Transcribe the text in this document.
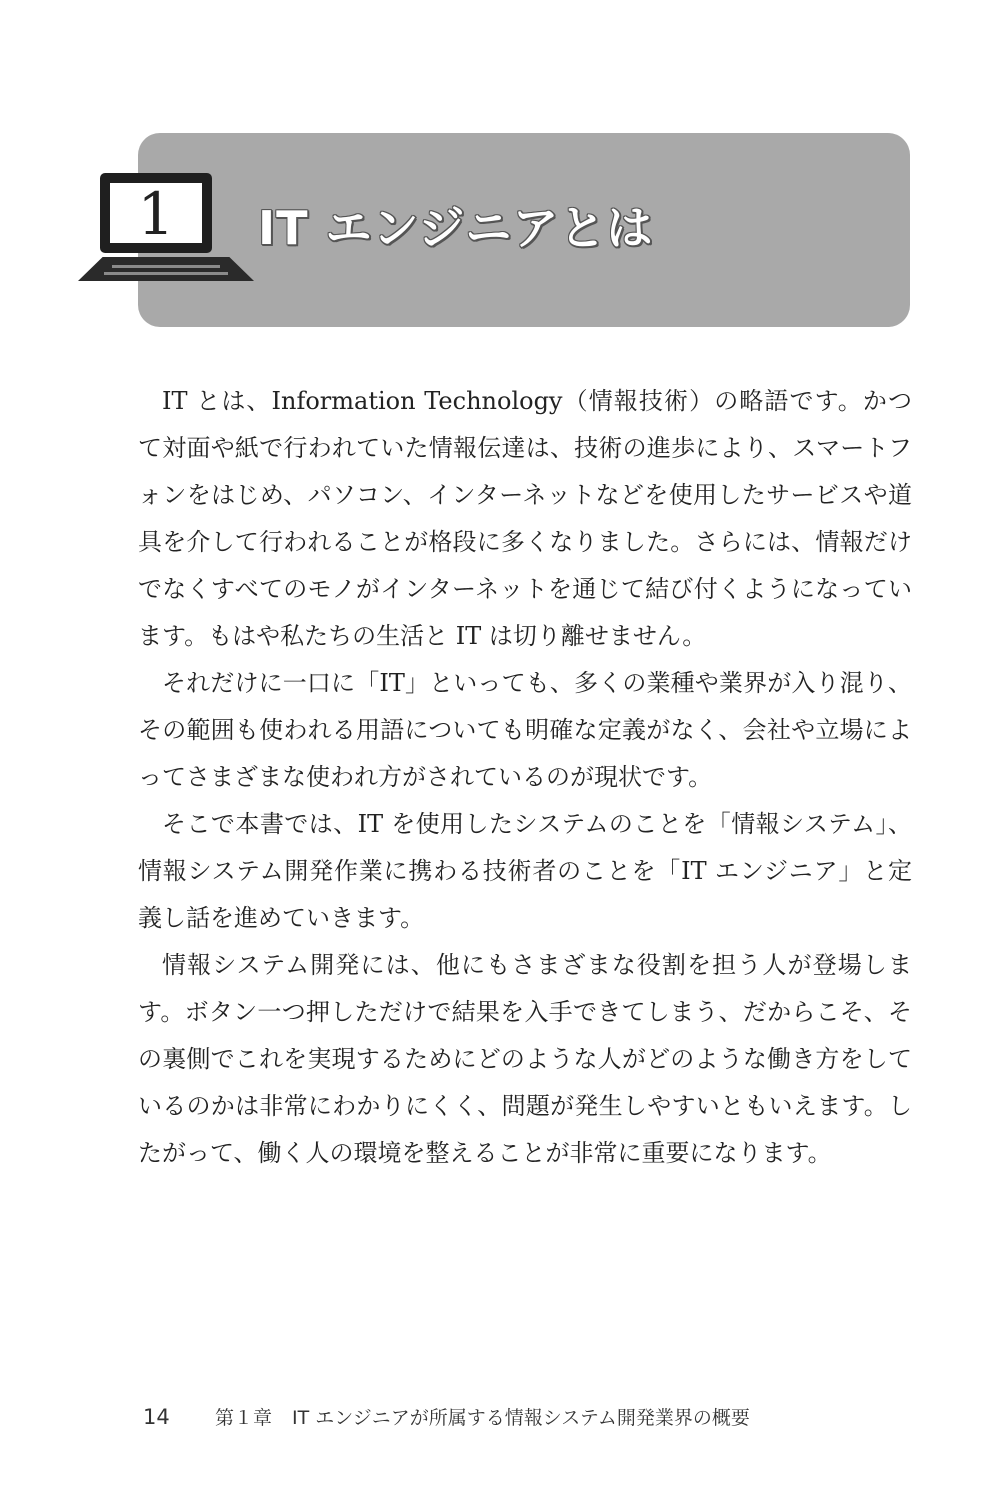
1 IT エンジニアとは

IT とは、Information Technology（情報技術）の略語です。かつて対面や紙で行われていた情報伝達は、技術の進歩により、スマートフォンをはじめ、パソコン、インターネットなどを使用したサービスや道具を介して行われることが格段に多くなりました。さらには、情報だけでなくすべてのモノがインターネットを通じて結び付くようになっています。もはや私たちの生活と IT は切り離せません。

それだけに一口に「IT」といっても、多くの業種や業界が入り混り、その範囲も使われる用語についても明確な定義がなく、会社や立場によってさまざまな使われ方がされているのが現状です。

そこで本書では、IT を使用したシステムのことを「情報システム」、情報システム開発作業に携わる技術者のことを「IT エンジニア」と定義し話を進めていきます。

情報システム開発には、他にもさまざまな役割を担う人が登場します。ボタン一つ押しただけで結果を入手できてしまう、だからこそ、その裏側でこれを実現するためにどのような人がどのような働き方をしているのかは非常にわかりにくく、問題が発生しやすいともいえます。したがって、働く人の環境を整えることが非常に重要になります。

14	第１章 IT エンジニアが所属する情報システム開発業界の概要
